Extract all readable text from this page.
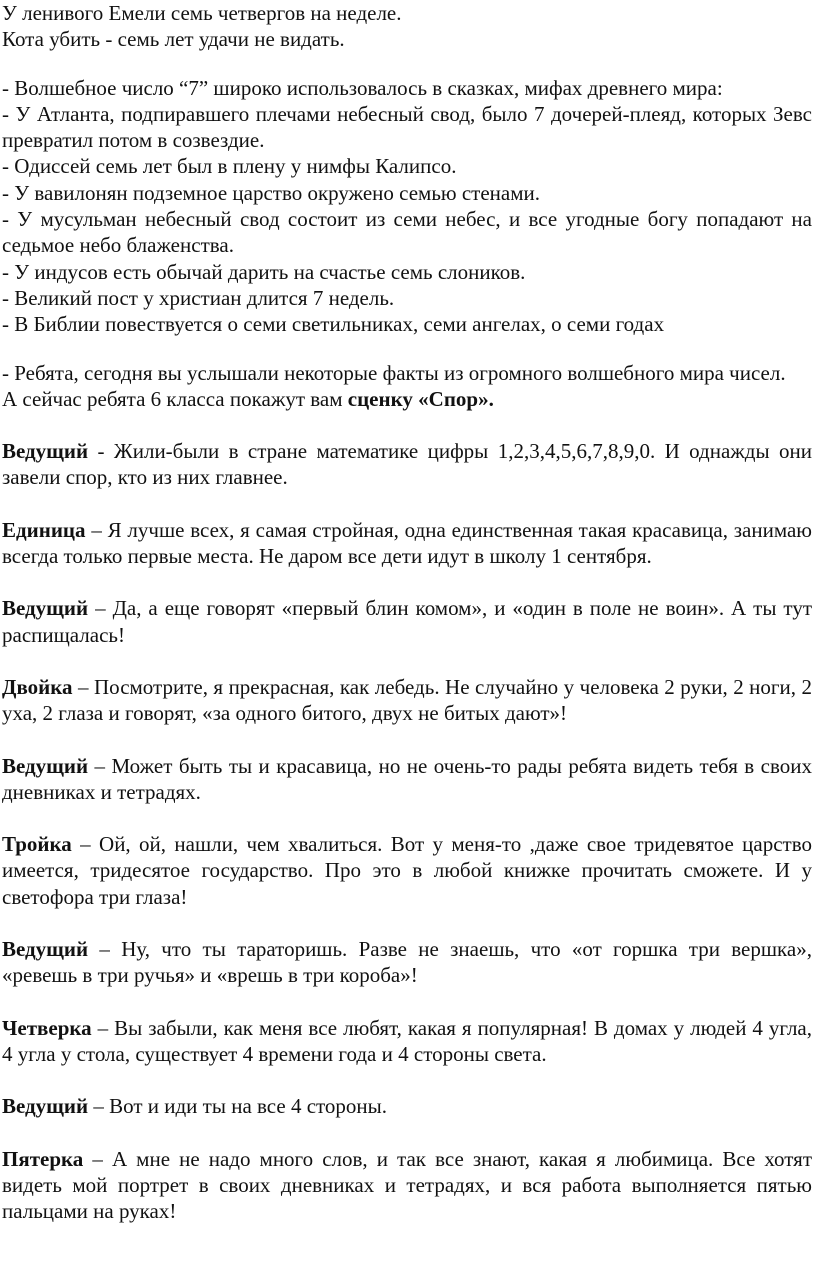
У ленивого Емели семь четвергов на неделе.

Кота убить - семь лет удачи не видать.

- Волшебное число “7” широко использовалось в сказках, мифах древнего мира:

- У Атланта, подпиравшего плечами небесный свод, было 7 дочерей-плеяд, которых Зевс превратил потом в созвездие.

- Одиссей семь лет был в плену у нимфы Калипсо.

- У вавилонян подземное царство окружено семью стенами.

- У мусульман небесный свод состоит из семи небес, и все угодные богу попадают на седьмое небо блаженства.

- У индусов есть обычай дарить на счастье семь слоников.

- Великий пост у христиан длится 7 недель.

- В Библии повествуется о семи светильниках, семи ангелах, о семи годах

- Ребята, сегодня вы услышали некоторые факты из огромного волшебного мира чисел.

А сейчас ребята 6 класса покажут вам сценку «Спор».

Ведущий - Жили-были в стране математике цифры 1,2,3,4,5,6,7,8,9,0. И однажды они завели спор, кто из них главнее.

Единица – Я лучше всех, я самая стройная, одна единственная такая красавица, занимаю всегда только первые места. Не даром все дети идут в школу 1 сентября.

Ведущий – Да, а еще говорят «первый блин комом», и «один в поле не воин». А ты тут распищалась!

Двойка – Посмотрите, я прекрасная, как лебедь. Не случайно у человека 2 руки, 2 ноги, 2 уха, 2 глаза и говорят, «за одного битого, двух не битых дают»!

Ведущий – Может быть ты и красавица, но не очень-то рады ребята видеть тебя в своих дневниках и тетрадях.

Тройка – Ой, ой, нашли, чем хвалиться. Вот у меня-то ,даже свое тридевятое царство имеется, тридесятое государство. Про это в любой книжке прочитать сможете. И у светофора три глаза!

Ведущий – Ну, что ты тараторишь. Разве не знаешь, что «от горшка три вершка», «ревешь в три ручья» и «врешь в три короба»!

Четверка – Вы забыли, как меня все любят, какая я популярная! В домах у людей 4 угла, 4 угла у стола, существует 4 времени года и 4 стороны света.

Ведущий – Вот и иди ты на все 4 стороны.

Пятерка – А мне не надо много слов, и так все знают, какая я любимица. Все хотят видеть мой портрет в своих дневниках и тетрадях, и вся работа выполняется пятью пальцами на руках!
